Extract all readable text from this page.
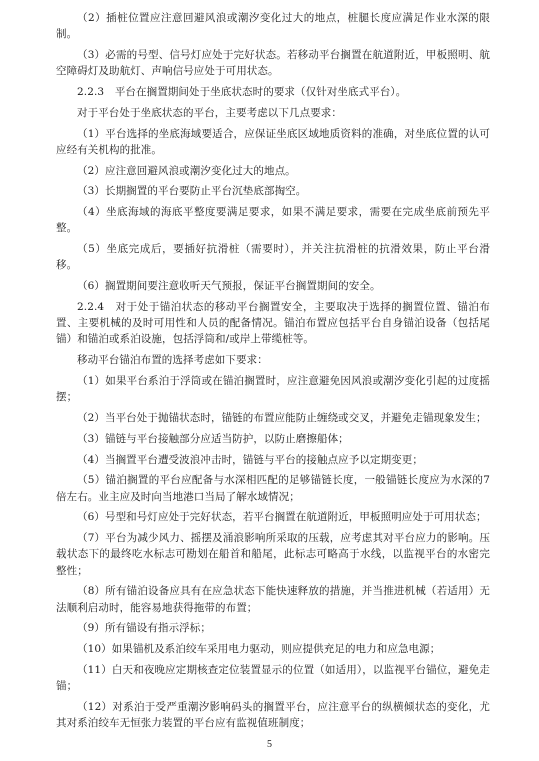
（2）插桩位置应注意回避风浪或潮汐变化过大的地点，桩腿长度应满足作业水深的限制。

（3）必需的号型、信号灯应处于完好状态。若移动平台搁置在航道附近，甲板照明、航空障碍灯及助航灯、声响信号应处于可用状态。

2.2.3　平台在搁置期间处于坐底状态时的要求（仅针对坐底式平台）。

对于平台处于坐底状态的平台，主要考虑以下几点要求：

（1）平台选择的坐底海域要适合，应保证坐底区域地质资料的准确，对坐底位置的认可应经有关机构的批准。

（2）应注意回避风浪或潮汐变化过大的地点。

（3）长期搁置的平台要防止平台沉垫底部掏空。

（4）坐底海域的海底平整度要满足要求，如果不满足要求，需要在完成坐底前预先平整。

（5）坐底完成后，要插好抗滑桩（需要时），并关注抗滑桩的抗滑效果，防止平台滑移。

（6）搁置期间要注意收听天气预报，保证平台搁置期间的安全。

2.2.4　对于处于锚泊状态的移动平台搁置安全，主要取决于选择的搁置位置、锚泊布置、主要机械的及时可用性和人员的配备情况。锚泊布置应包括平台自身锚泊设备（包括尾锚）和锚泊或系泊设施，包括浮筒和/或岸上带缆桩等。

移动平台锚泊布置的选择考虑如下要求：

（1）如果平台系泊于浮筒或在锚泊搁置时，应注意避免因风浪或潮汐变化引起的过度摇摆；

（2）当平台处于抛锚状态时，锚链的布置应能防止缠绕或交叉，并避免走锚现象发生；

（3）锚链与平台接触部分应适当防护，以防止磨擦船体；

（4）当搁置平台遭受波浪冲击时，锚链与平台的接触点应予以定期变更；

（5）锚泊搁置的平台应配备与水深相匹配的足够锚链长度，一般锚链长度应为水深的7倍左右。业主应及时向当地港口当局了解水域情况；

（6）号型和号灯应处于完好状态，若平台搁置在航道附近，甲板照明应处于可用状态；

（7）平台为减少风力、摇摆及涌浪影响所采取的压载，应考虑其对平台应力的影响。压载状态下的最终吃水标志可勘划在船首和船尾，此标志可略高于水线，以监视平台的水密完整性；

（8）所有锚泊设备应具有在应急状态下能快速释放的措施，并当推进机械（若适用）无法顺利启动时，能容易地获得拖带的布置；

（9）所有锚设有指示浮标；

（10）如果锚机及系泊绞车采用电力驱动，则应提供充足的电力和应急电源；

（11）白天和夜晚应定期核查定位装置显示的位置（如适用），以监视平台锚位，避免走锚；

（12）对系泊于受严重潮汐影响码头的搁置平台，应注意平台的纵横倾状态的变化，尤其对系泊绞车无恒张力装置的平台应有监视值班制度；

5
